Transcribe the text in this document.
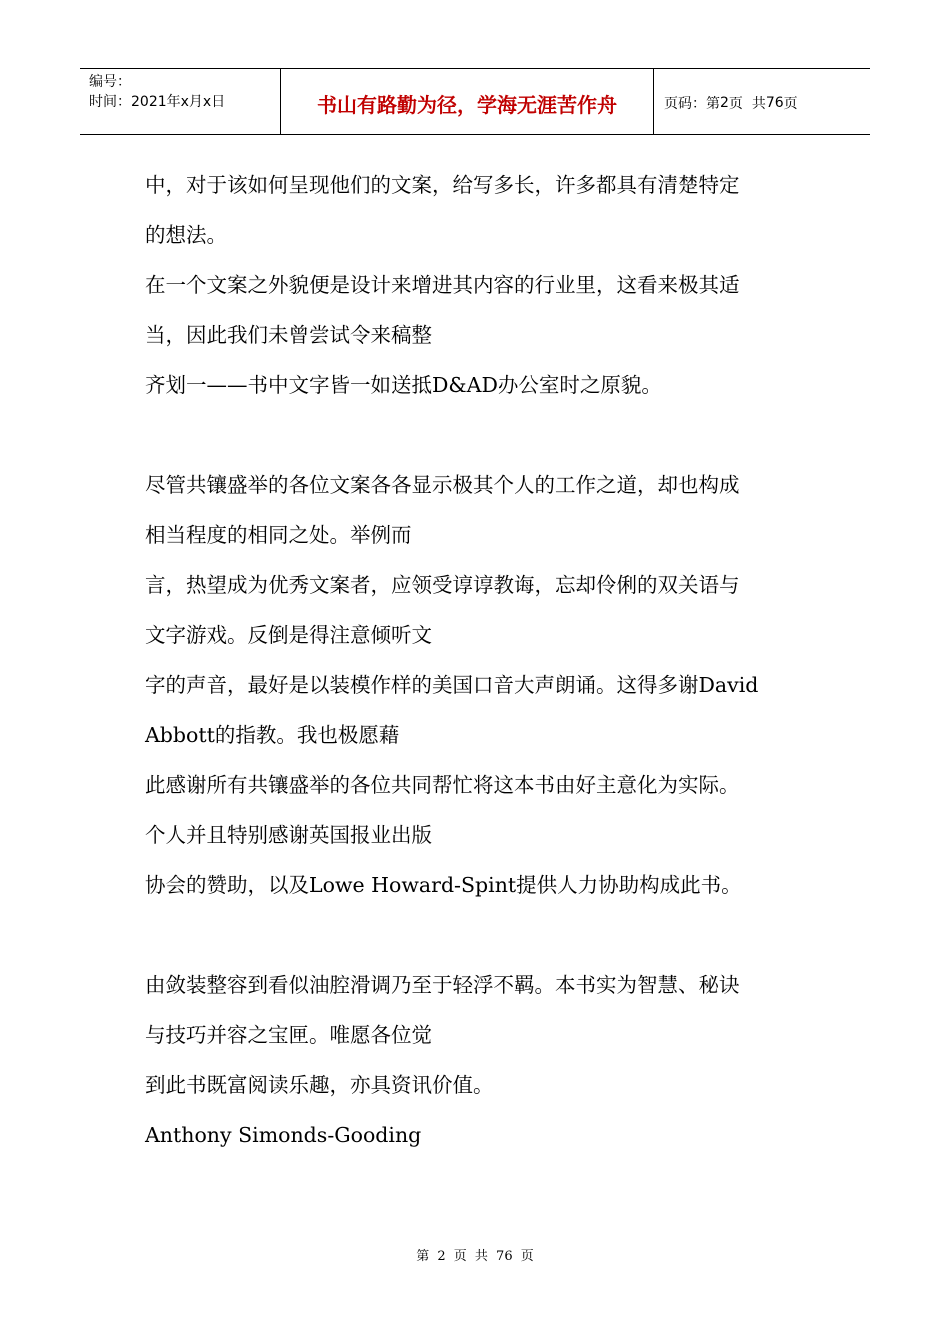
编号：
时间：2021年x月x日	书山有路勤为径，学海无涯苦作舟	页码：第 2 页  共 76 页

中，对于该如何呈现他们的文案，给写多长，许多都具有清楚特定

的想法。

在一个文案之外貌便是设计来增进其内容的行业里，这看来极其适

当，因此我们未曾尝试令来稿整

齐划一——书中文字皆一如送抵D&AD办公室时之原貌。

尽管共镶盛举的各位文案各各显示极其个人的工作之道，却也构成

相当程度的相同之处。举例而

言，热望成为优秀文案者，应领受谆谆教诲，忘却伶俐的双关语与

文字游戏。反倒是得注意倾听文

字的声音，最好是以装模作样的美国口音大声朗诵。这得多谢David

Abbott的指教。我也极愿藉

此感谢所有共镶盛举的各位共同帮忙将这本书由好主意化为实际。

个人并且特别感谢英国报业出版

协会的赞助，以及Lowe Howard-Spint提供人力协助构成此书。

由敛装整容到看似油腔滑调乃至于轻浮不羁。本书实为智慧、秘诀

与技巧并容之宝匣。唯愿各位觉

到此书既富阅读乐趣，亦具资讯价值。

Anthony Simonds-Gooding

第 2 页 共 76 页
